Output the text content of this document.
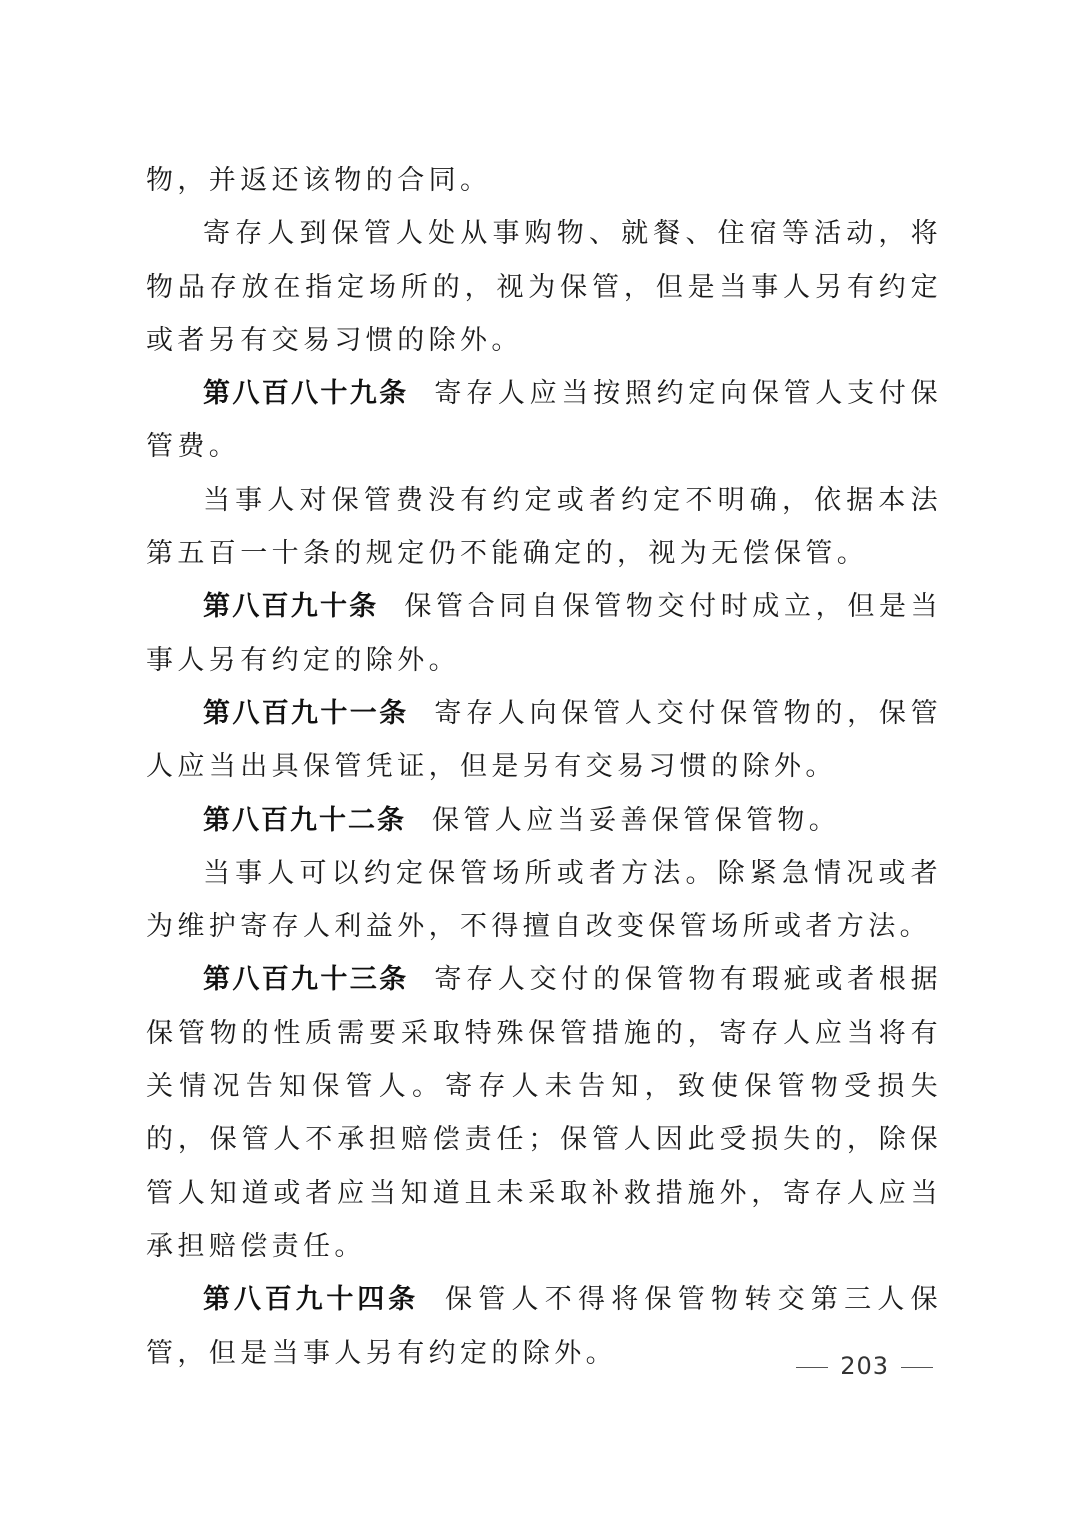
物，并返还该物的合同。

寄存人到保管人处从事购物、就餐、住宿等活动，将物品存放在指定场所的，视为保管，但是当事人另有约定或者另有交易习惯的除外。

第八百八十九条 寄存人应当按照约定向保管人支付保管费。

当事人对保管费没有约定或者约定不明确，依据本法第五百一十条的规定仍不能确定的，视为无偿保管。

第八百九十条 保管合同自保管物交付时成立，但是当事人另有约定的除外。

第八百九十一条 寄存人向保管人交付保管物的，保管人应当出具保管凭证，但是另有交易习惯的除外。

第八百九十二条 保管人应当妥善保管保管物。

当事人可以约定保管场所或者方法。除紧急情况或者为维护寄存人利益外，不得擅自改变保管场所或者方法。

第八百九十三条 寄存人交付的保管物有瑕疵或者根据保管物的性质需要采取特殊保管措施的，寄存人应当将有关情况告知保管人。寄存人未告知，致使保管物受损失的，保管人不承担赔偿责任；保管人因此受损失的，除保管人知道或者应当知道且未采取补救措施外，寄存人应当承担赔偿责任。

第八百九十四条 保管人不得将保管物转交第三人保管，但是当事人另有约定的除外。	203
